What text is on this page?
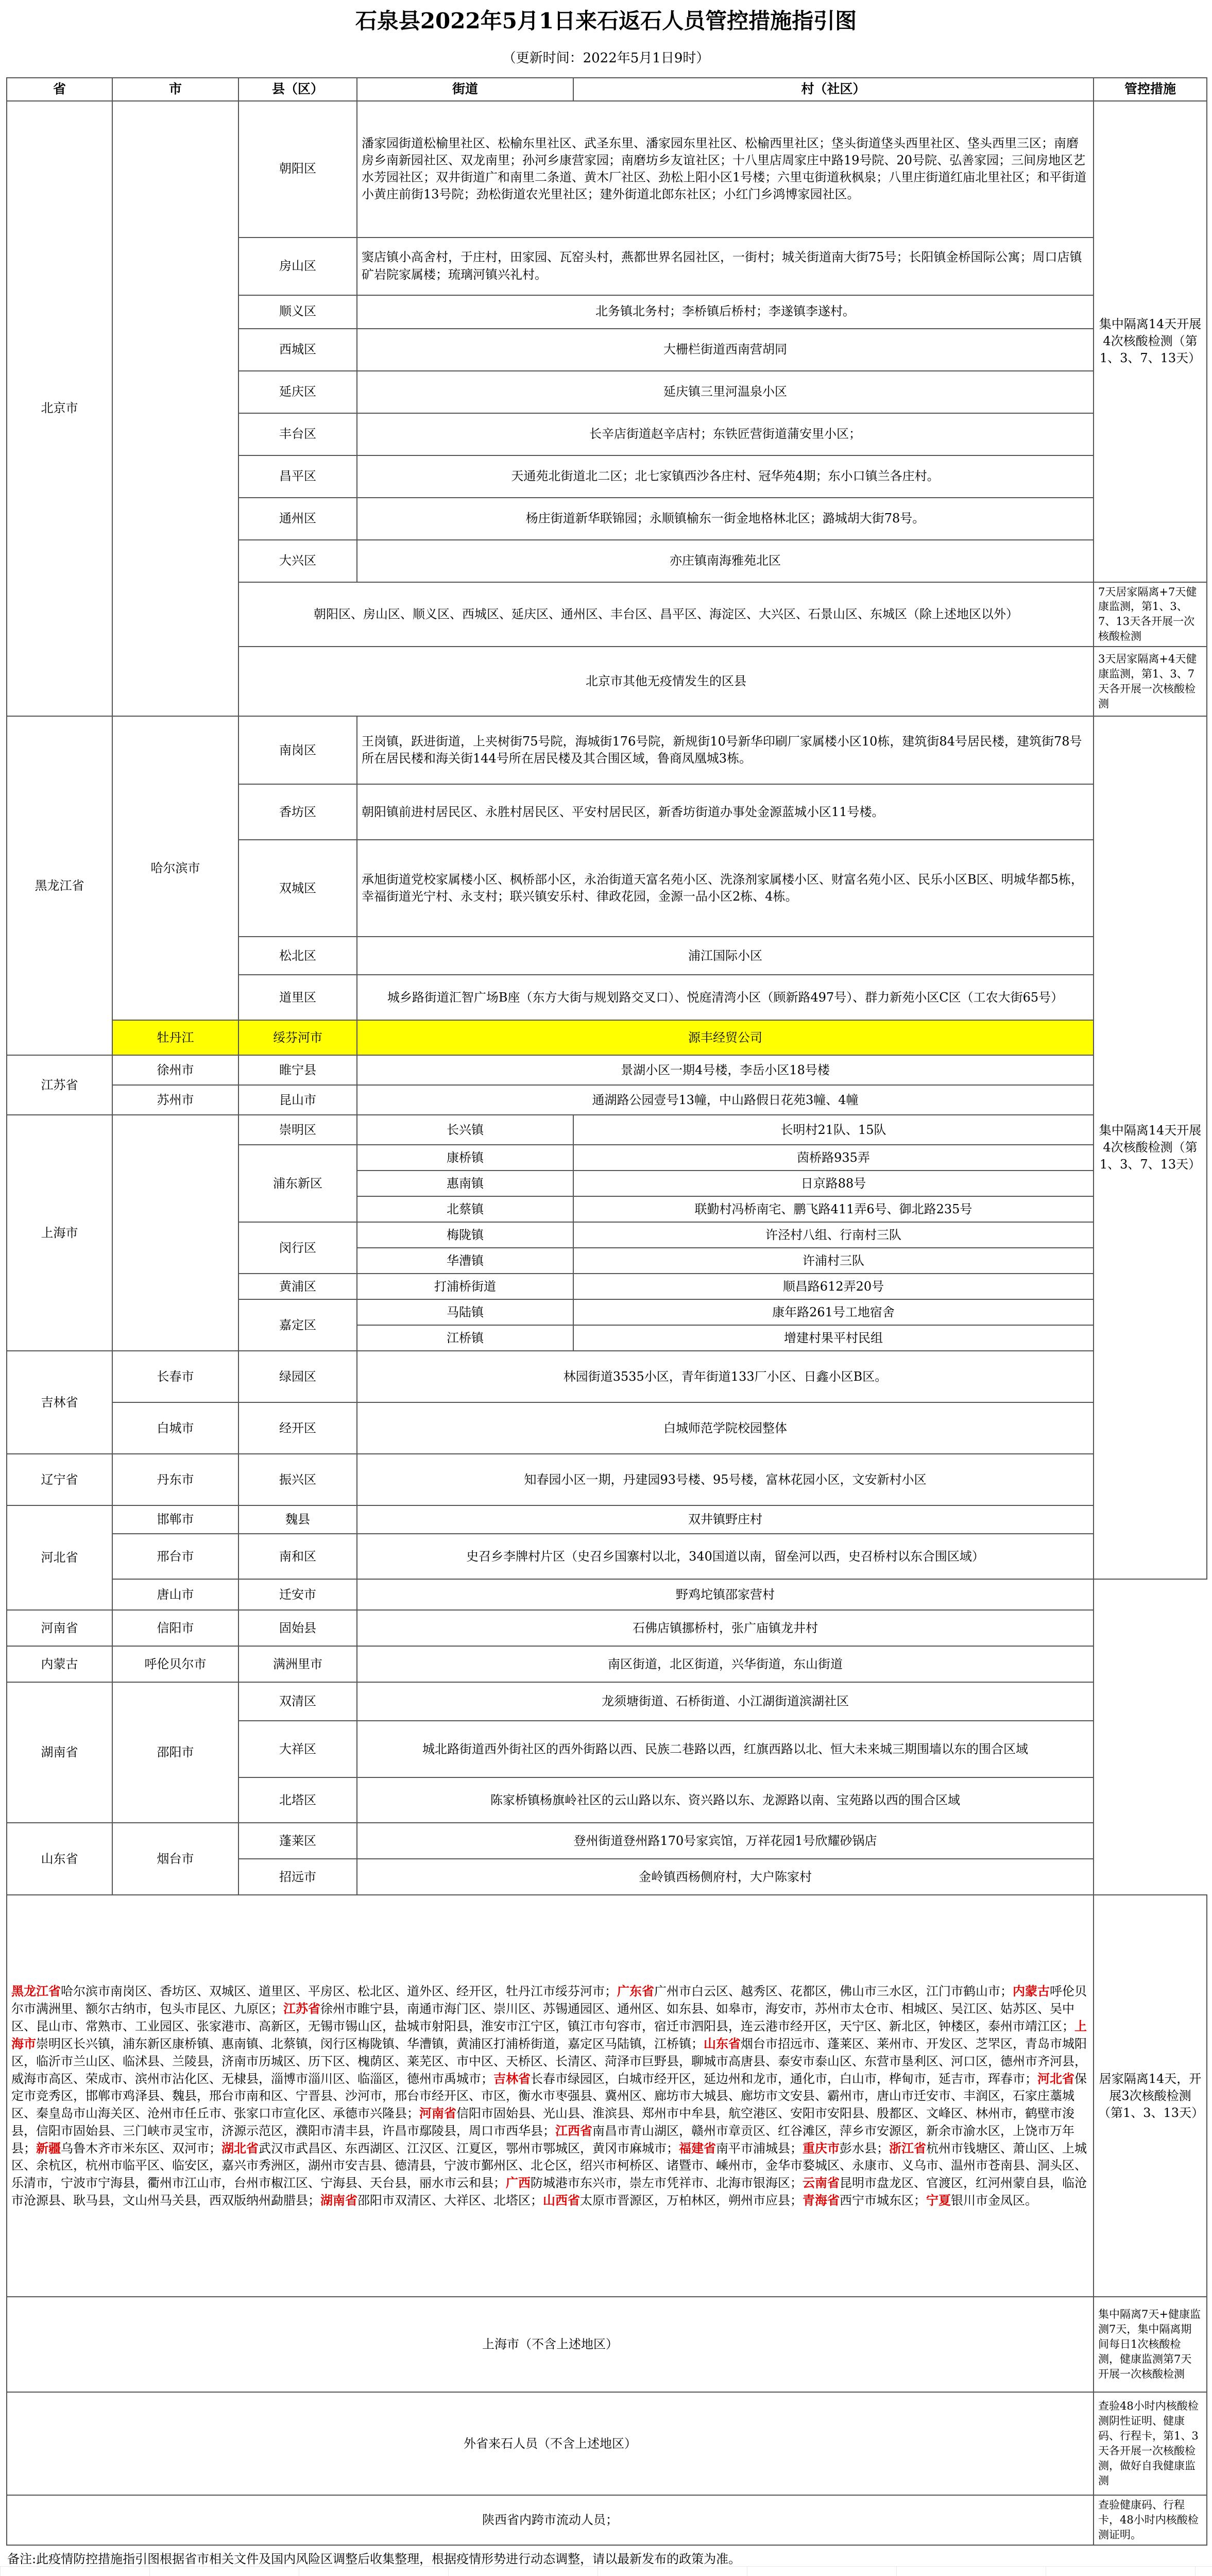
石泉县2022年5月1日来石返石人员管控措施指引图
（更新时间：2022年5月1日9时）
省	市	县（区）	街道	村（社区）	管控措施
北京市		朝阳区	潘家园街道松榆里社区、松榆东里社区、武圣东里、潘家园东里社区、松榆西里社区；垡头街道垡头西里社区、垡头西里三区；南磨房乡南新园社区、双龙南里；孙河乡康营家园；南磨坊乡友谊社区；十八里店周家庄中路19号院、20号院、弘善家园；三间房地区艺水芳园社区；双井街道广和南里二条道、黄木厂社区、劲松上阳小区1号楼；六里屯街道秋枫泉；八里庄街道红庙北里社区；和平街道小黄庄前街13号院；劲松街道农光里社区；建外街道北郎东社区；小红门乡鸿博家园社区。		集中隔离14天开展4次核酸检测（第1、3、7、13天）
		房山区	窦店镇小高舍村，于庄村，田家园、瓦窑头村，燕都世界名园社区，一街村；城关街道南大街75号；长阳镇金桥国际公寓；周口店镇矿岩院家属楼；琉璃河镇兴礼村。		
		顺义区	北务镇北务村；李桥镇后桥村；李遂镇李遂村。		
		西城区	大栅栏街道西南营胡同		
		延庆区	延庆镇三里河温泉小区		
		丰台区	长辛店街道赵辛店村；东铁匠营街道蒲安里小区；		
		昌平区	天通苑北街道北二区；北七家镇西沙各庄村、冠华苑4期；东小口镇兰各庄村。		
		通州区	杨庄街道新华联锦园；永顺镇榆东一街金地格林北区；潞城胡大街78号。		
		大兴区	亦庄镇南海雅苑北区		

		朝阳区、房山区、顺义区、西城区、延庆区、通州区、丰台区、昌平区、海淀区、大兴区、石景山区、东城区（除上述地区以外）			7天居家隔离+7天健康监测，第1、3、7、13天各开展一次核酸检测
		北京市其他无疫情发生的区县			3天居家隔离+4天健康监测，第1、3、7天各开展一次核酸检测
黑龙江省	哈尔滨市	南岗区	王岗镇，跃进街道，上夹树街75号院，海城街176号院，新规街10号新华印刷厂家属楼小区10栋，建筑街84号居民楼，建筑街78号所在居民楼和海关街144号所在居民楼及其合围区域，鲁商凤凰城3栋。		集中隔离14天开展4次核酸检测（第1、3、7、13天）
		香坊区	朝阳镇前进村居民区、永胜村居民区、平安村居民区，新香坊街道办事处金源蓝城小区11号楼。		
		双城区	承旭街道党校家属楼小区、枫桥部小区，永治街道天富名苑小区、洗涤剂家属楼小区、财富名苑小区、民乐小区B区、明城华都5栋，幸福街道光宁村、永支村；联兴镇安乐村、律政花园，金源一品小区2栋、4栋。		
		松北区	浦江国际小区		
		道里区	城乡路街道汇智广场B座（东方大街与规划路交叉口）、悦庭清湾小区（顾新路497号）、群力新苑小区C区（工农大街65号）		
	牡丹江	绥芬河市	源丰经贸公司		
江苏省	徐州市	睢宁县	景湖小区一期4号楼，李岳小区18号楼		
	苏州市	昆山市	通湖路公园壹号13幢，中山路假日花苑3幢、4幢		
上海市		崇明区	长兴镇	长明村21队、15队	
		浦东新区	康桥镇	茵桥路935弄	
			惠南镇	日京路88号	
			北蔡镇	联勤村冯桥南宅、鹏飞路411弄6号、御北路235号	
		闵行区	梅陇镇	许泾村八组、行南村三队	
			华漕镇	许浦村三队	
		黄浦区	打浦桥街道	顺昌路612弄20号	
		嘉定区	马陆镇	康年路261号工地宿舍	
			江桥镇	增建村果平村民组	

吉林省	长春市	绿园区	林园街道3535小区，青年街道133厂小区、日鑫小区B区。		
	白城市	经开区	白城师范学院校园整体		
辽宁省	丹东市	振兴区	知春园小区一期，丹建园93号楼、95号楼，富林花园小区，文安新村小区		
河北省	邯郸市	魏县	双井镇野庄村		
	邢台市	南和区	史召乡李牌村片区（史召乡国寨村以北，340国道以南，留垒河以西，史召桥村以东合围区域）		
	唐山市	迁安市	野鸡坨镇邵家营村		
河南省	信阳市	固始县	石佛店镇挪桥村，张广庙镇龙井村		
内蒙古	呼伦贝尔市	满洲里市	南区街道，北区街道，兴华街道，东山街道		
湖南省	邵阳市	双清区	龙须塘街道、石桥街道、小江湖街道滨湖社区		
		大祥区	城北路街道西外街社区的西外街路以西、民族二巷路以西，红旗西路以北、恒大未来城三期围墙以东的围合区域		
		北塔区	陈家桥镇杨旗岭社区的云山路以东、资兴路以东、龙源路以南、宝苑路以西的围合区域		
山东省	烟台市	蓬莱区	登州街道登州路170号家宾馆，万祥花园1号欣耀砂锅店		
		招远市	金岭镇西杨侧府村，大户陈家村		
黑龙江省哈尔滨市南岗区、香坊区、双城区、道里区、平房区、松北区、道外区、经开区，牡丹江市绥芬河市；广东省广州市白云区、越秀区、花都区，佛山市三水区，江门市鹤山市；内蒙古呼伦贝尔市满洲里、额尔古纳市，包头市昆区、九原区；江苏省徐州市睢宁县，南通市海门区、崇川区、苏锡通园区、通州区、如东县、如皋市，海安市，苏州市太仓市、相城区、吴江区、姑苏区、吴中区、昆山市、常熟市、工业园区、张家港市、高新区，无锡市锡山区，盐城市射阳县，淮安市江宁区，镇江市句容市，宿迁市泗阳县，连云港市经开区，天宁区、新北区，钟楼区，泰州市靖江区；上海市崇明区长兴镇，浦东新区康桥镇、惠南镇、北蔡镇，闵行区梅陇镇、华漕镇，黄浦区打浦桥街道，嘉定区马陆镇，江桥镇；山东省烟台市招远市、蓬莱区、莱州市、开发区、芝罘区，青岛市城阳区，临沂市兰山区、临沭县、兰陵县，济南市历城区、历下区、槐荫区、莱芜区、市中区、天桥区、长清区、菏泽市巨野县，聊城市高唐县、泰安市泰山区、东营市垦利区、河口区，德州市齐河县，威海市高区、荣成市、滨州市沾化区、无棣县，淄博市淄川区、临淄区，德州市禹城市；吉林省长春市绿园区，白城市经开区，延边州和龙市，通化市，白山市，桦甸市，延吉市，珲春市；河北省保定市竞秀区，邯郸市鸡泽县、魏县，邢台市南和区、宁晋县、沙河市，邢台市经开区、市区，衡水市枣强县、冀州区、廊坊市大城县、廊坊市文安县、霸州市，唐山市迁安市、丰润区，石家庄藁城区、秦皇岛市山海关区、沧州市任丘市、张家口市宣化区、承德市兴隆县；河南省信阳市固始县、光山县、淮滨县、郑州市中牟县，航空港区、安阳市安阳县、殷都区、文峰区、林州市，鹤壁市浚县，信阳市固始县、三门峡市灵宝市，济源示范区，濮阳市清丰县，许昌市鄢陵县，周口市西华县；江西省南昌市青山湖区，赣州市章贡区、红谷滩区，萍乡市安源区，新余市渝水区，上饶市万年县；新疆乌鲁木齐市米东区、双河市；湖北省武汉市武昌区、东西湖区、江汉区、江夏区，鄂州市鄂城区，黄冈市麻城市；福建省南平市浦城县；重庆市彭水县；浙江省杭州市钱塘区、萧山区、上城区、余杭区，杭州市临平区、临安区，嘉兴市秀洲区，湖州市安吉县、德清县，宁波市鄞州区、北仑区，绍兴市柯桥区、诸暨市、嵊州市，金华市婺城区、永康市、义乌市、温州市苍南县、洞头区、乐清市，宁波市宁海县，衢州市江山市，台州市椒江区、宁海县、天台县，丽水市云和县；广西防城港市东兴市，崇左市凭祥市、北海市银海区；云南省昆明市盘龙区、官渡区，红河州蒙自县，临沧市沧源县、耿马县，文山州马关县，西双版纳州勐腊县；湖南省邵阳市双清区、大祥区、北塔区；山西省太原市晋源区，万柏林区，朔州市应县；青海省西宁市城东区；宁夏银川市金凤区。					居家隔离14天，开展3次核酸检测（第1、3、13天）
上海市（不含上述地区）					集中隔离7天+健康监测7天，集中隔离期间每日1次核酸检测，健康监测第7天开展一次核酸检测
外省来石人员（不含上述地区）					查验48小时内核酸检测阴性证明、健康码、行程卡，第1、3天各开展一次核酸检测，做好自我健康监测
陕西省内跨市流动人员；					查验健康码、行程卡，48小时内核酸检测证明。
备注:此疫情防控措施指引图根据省市相关文件及国内风险区调整后收集整理，根据疫情形势进行动态调整，请以最新发布的政策为准。
